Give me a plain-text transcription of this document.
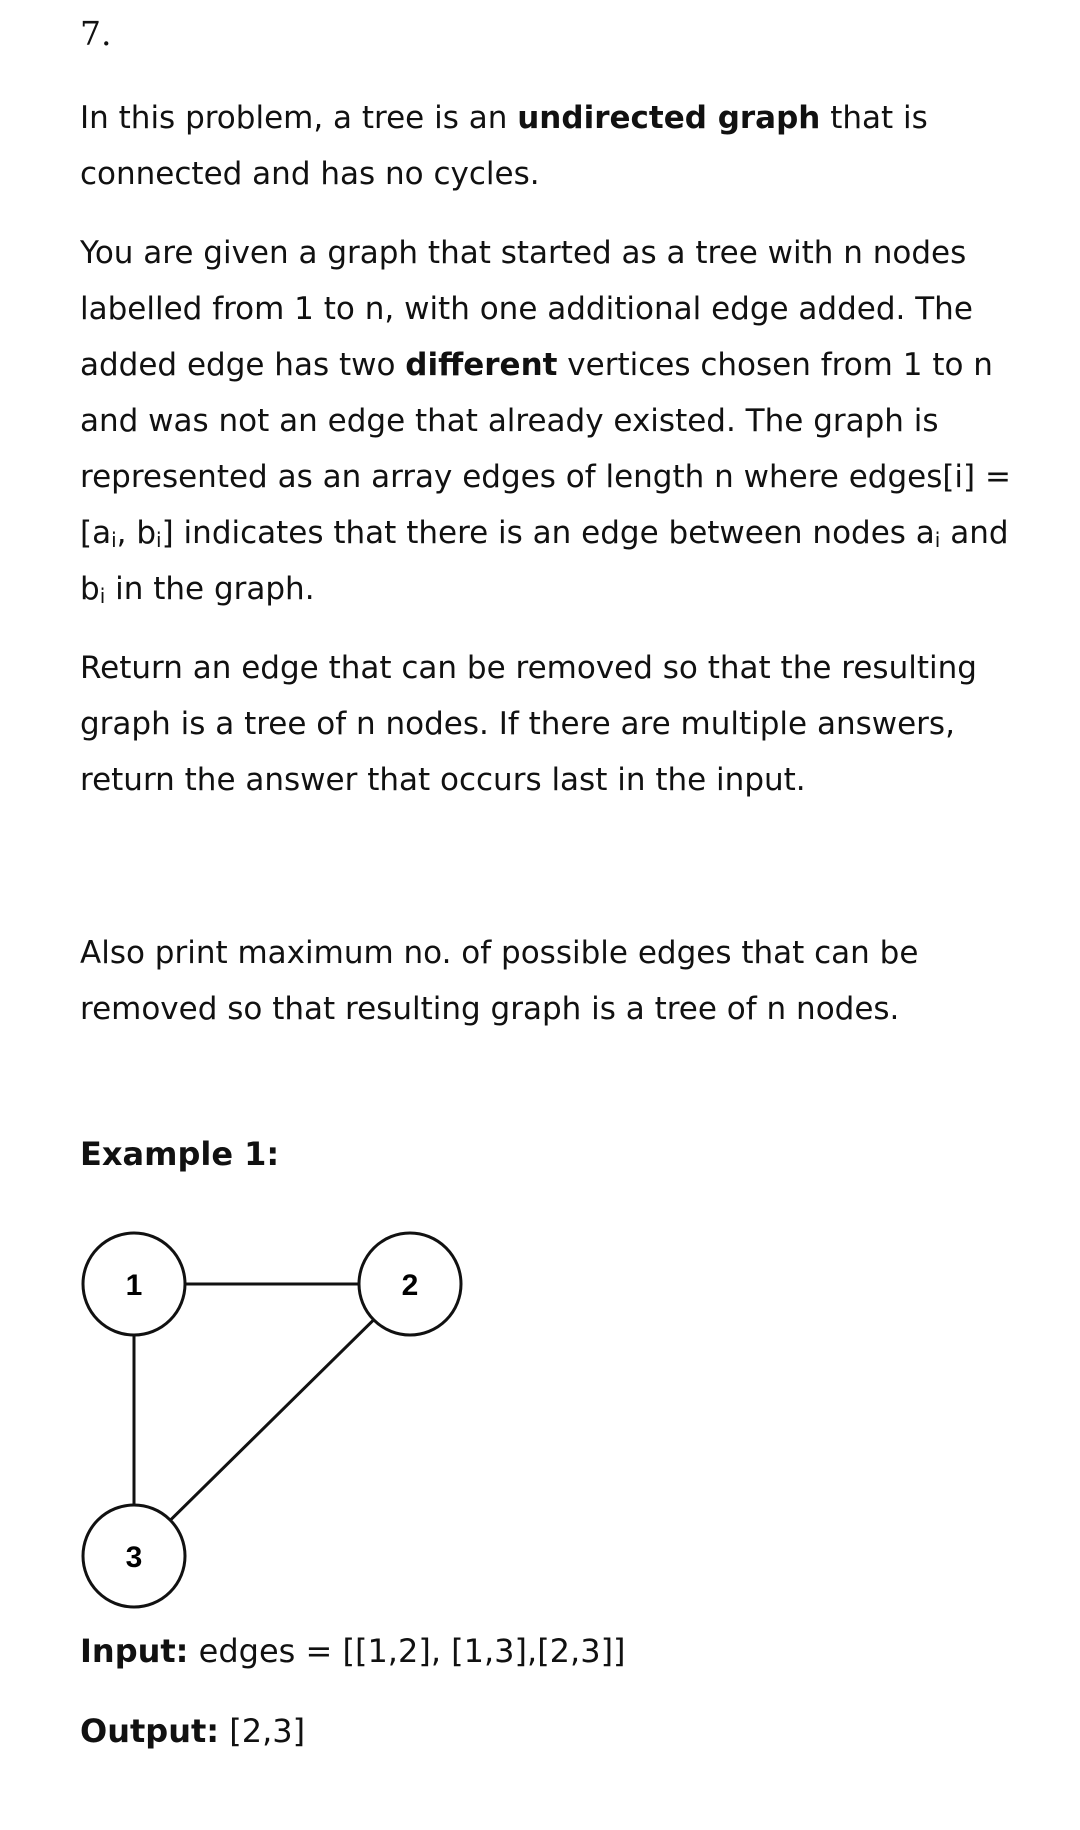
7.

In this problem, a tree is an undirected graph that is connected and has no cycles.

You are given a graph that started as a tree with n nodes labelled from 1 to n, with one additional edge added. The added edge has two different vertices chosen from 1 to n and was not an edge that already existed. The graph is represented as an array edges of length n where edges[i] = [$a_i$, $b_i$] indicates that there is an edge between nodes $a_i$ and $b_i$ in the graph.

Return an edge that can be removed so that the resulting graph is a tree of n nodes. If there are multiple answers, return the answer that occurs last in the input.

Also print maximum no. of possible edges that can be removed so that resulting graph is a tree of n nodes.

Example 1:
1	2
3
Input: edges = [[1,2], [1,3],[2,3]]
Output: [2,3]
